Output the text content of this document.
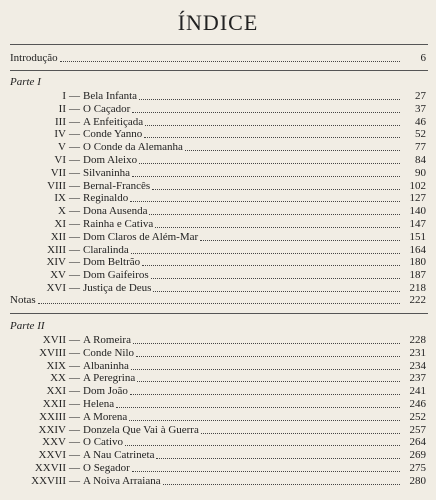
ÍNDICE
Introdução	6
Parte I
I — Bela Infanta	27
II — O Caçador	37
III — A Enfeitiçada	46
IV — Conde Yanno	52
V — O Conde da Alemanha	77
VI — Dom Aleixo	84
VII — Silvaninha	90
VIII — Bernal-Francês	102
IX — Reginaldo	127
X — Dona Ausenda	140
XI — Rainha e Cativa	147
XII — Dom Claros de Além-Mar	151
XIII — Claralinda	164
XIV — Dom Beltrão	180
XV — Dom Gaifeiros	187
XVI — Justiça de Deus	218
Notas	222
Parte II
XVII — A Romeira	228
XVIII — Conde Nilo	231
XIX — Albaninha	234
XX — A Peregrina	237
XXI — Dom João	241
XXII — Helena	246
XXIII — A Morena	252
XXIV — Donzela Que Vai à Guerra	257
XXV — O Cativo	264
XXVI — A Nau Catrineta	269
XXVII — O Segador	275
XXVIII — A Noiva Arraiana	280
